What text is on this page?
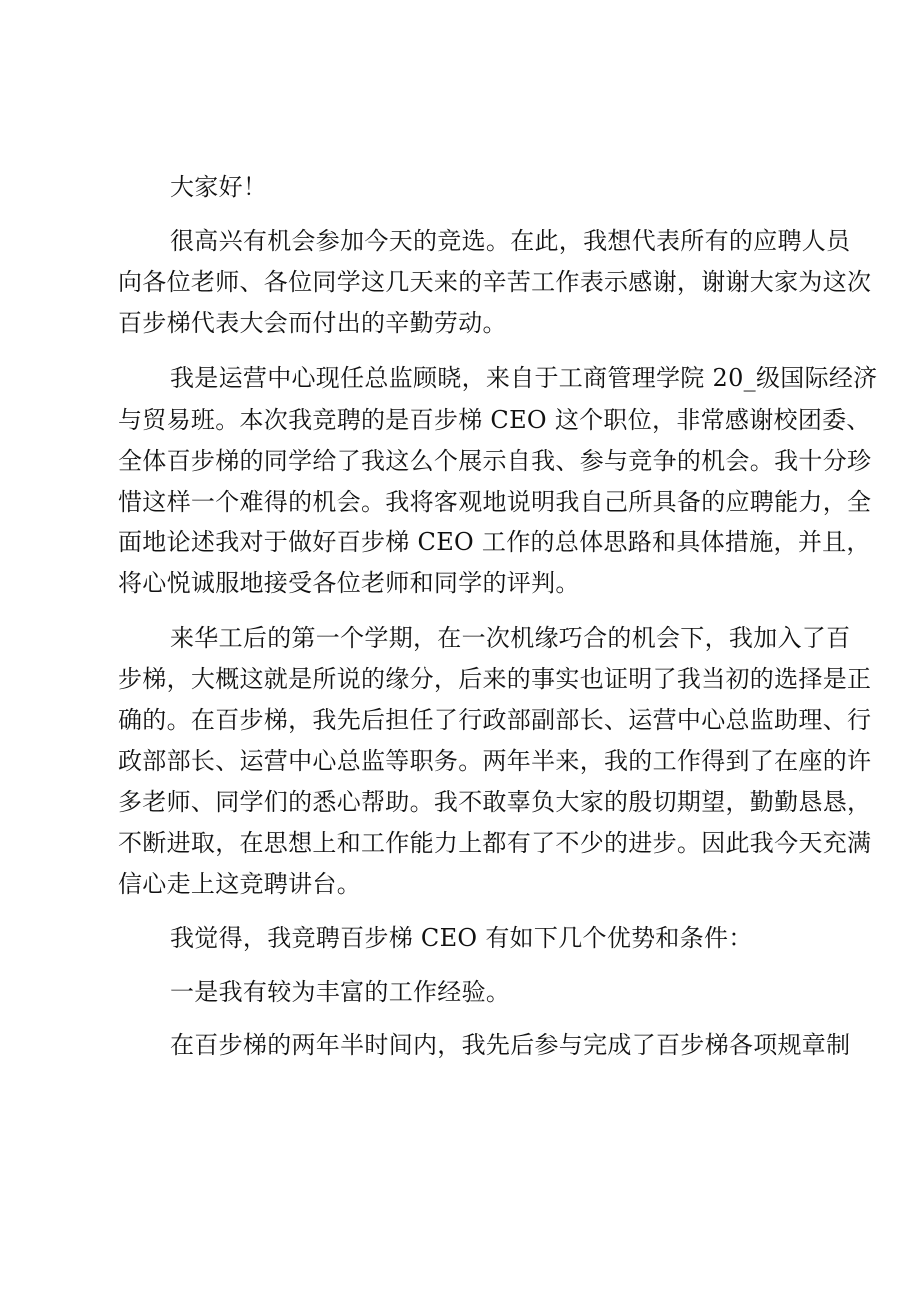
大家好！
很高兴有机会参加今天的竞选。在此，我想代表所有的应聘人员
向各位老师、各位同学这几天来的辛苦工作表示感谢，谢谢大家为这次
百步梯代表大会而付出的辛勤劳动。
我是运营中心现任总监顾晓，来自于工商管理学院 20_级国际经济
与贸易班。本次我竞聘的是百步梯 CEO 这个职位，非常感谢校团委、
全体百步梯的同学给了我这么个展示自我、参与竞争的机会。我十分珍
惜这样一个难得的机会。我将客观地说明我自己所具备的应聘能力，全
面地论述我对于做好百步梯 CEO 工作的总体思路和具体措施，并且，
将心悦诚服地接受各位老师和同学的评判。
来华工后的第一个学期，在一次机缘巧合的机会下，我加入了百
步梯，大概这就是所说的缘分，后来的事实也证明了我当初的选择是正
确的。在百步梯，我先后担任了行政部副部长、运营中心总监助理、行
政部部长、运营中心总监等职务。两年半来，我的工作得到了在座的许
多老师、同学们的悉心帮助。我不敢辜负大家的殷切期望，勤勤恳恳，
不断进取，在思想上和工作能力上都有了不少的进步。因此我今天充满
信心走上这竞聘讲台。
我觉得，我竞聘百步梯 CEO 有如下几个优势和条件：
一是我有较为丰富的工作经验。
在百步梯的两年半时间内，我先后参与完成了百步梯各项规章制
